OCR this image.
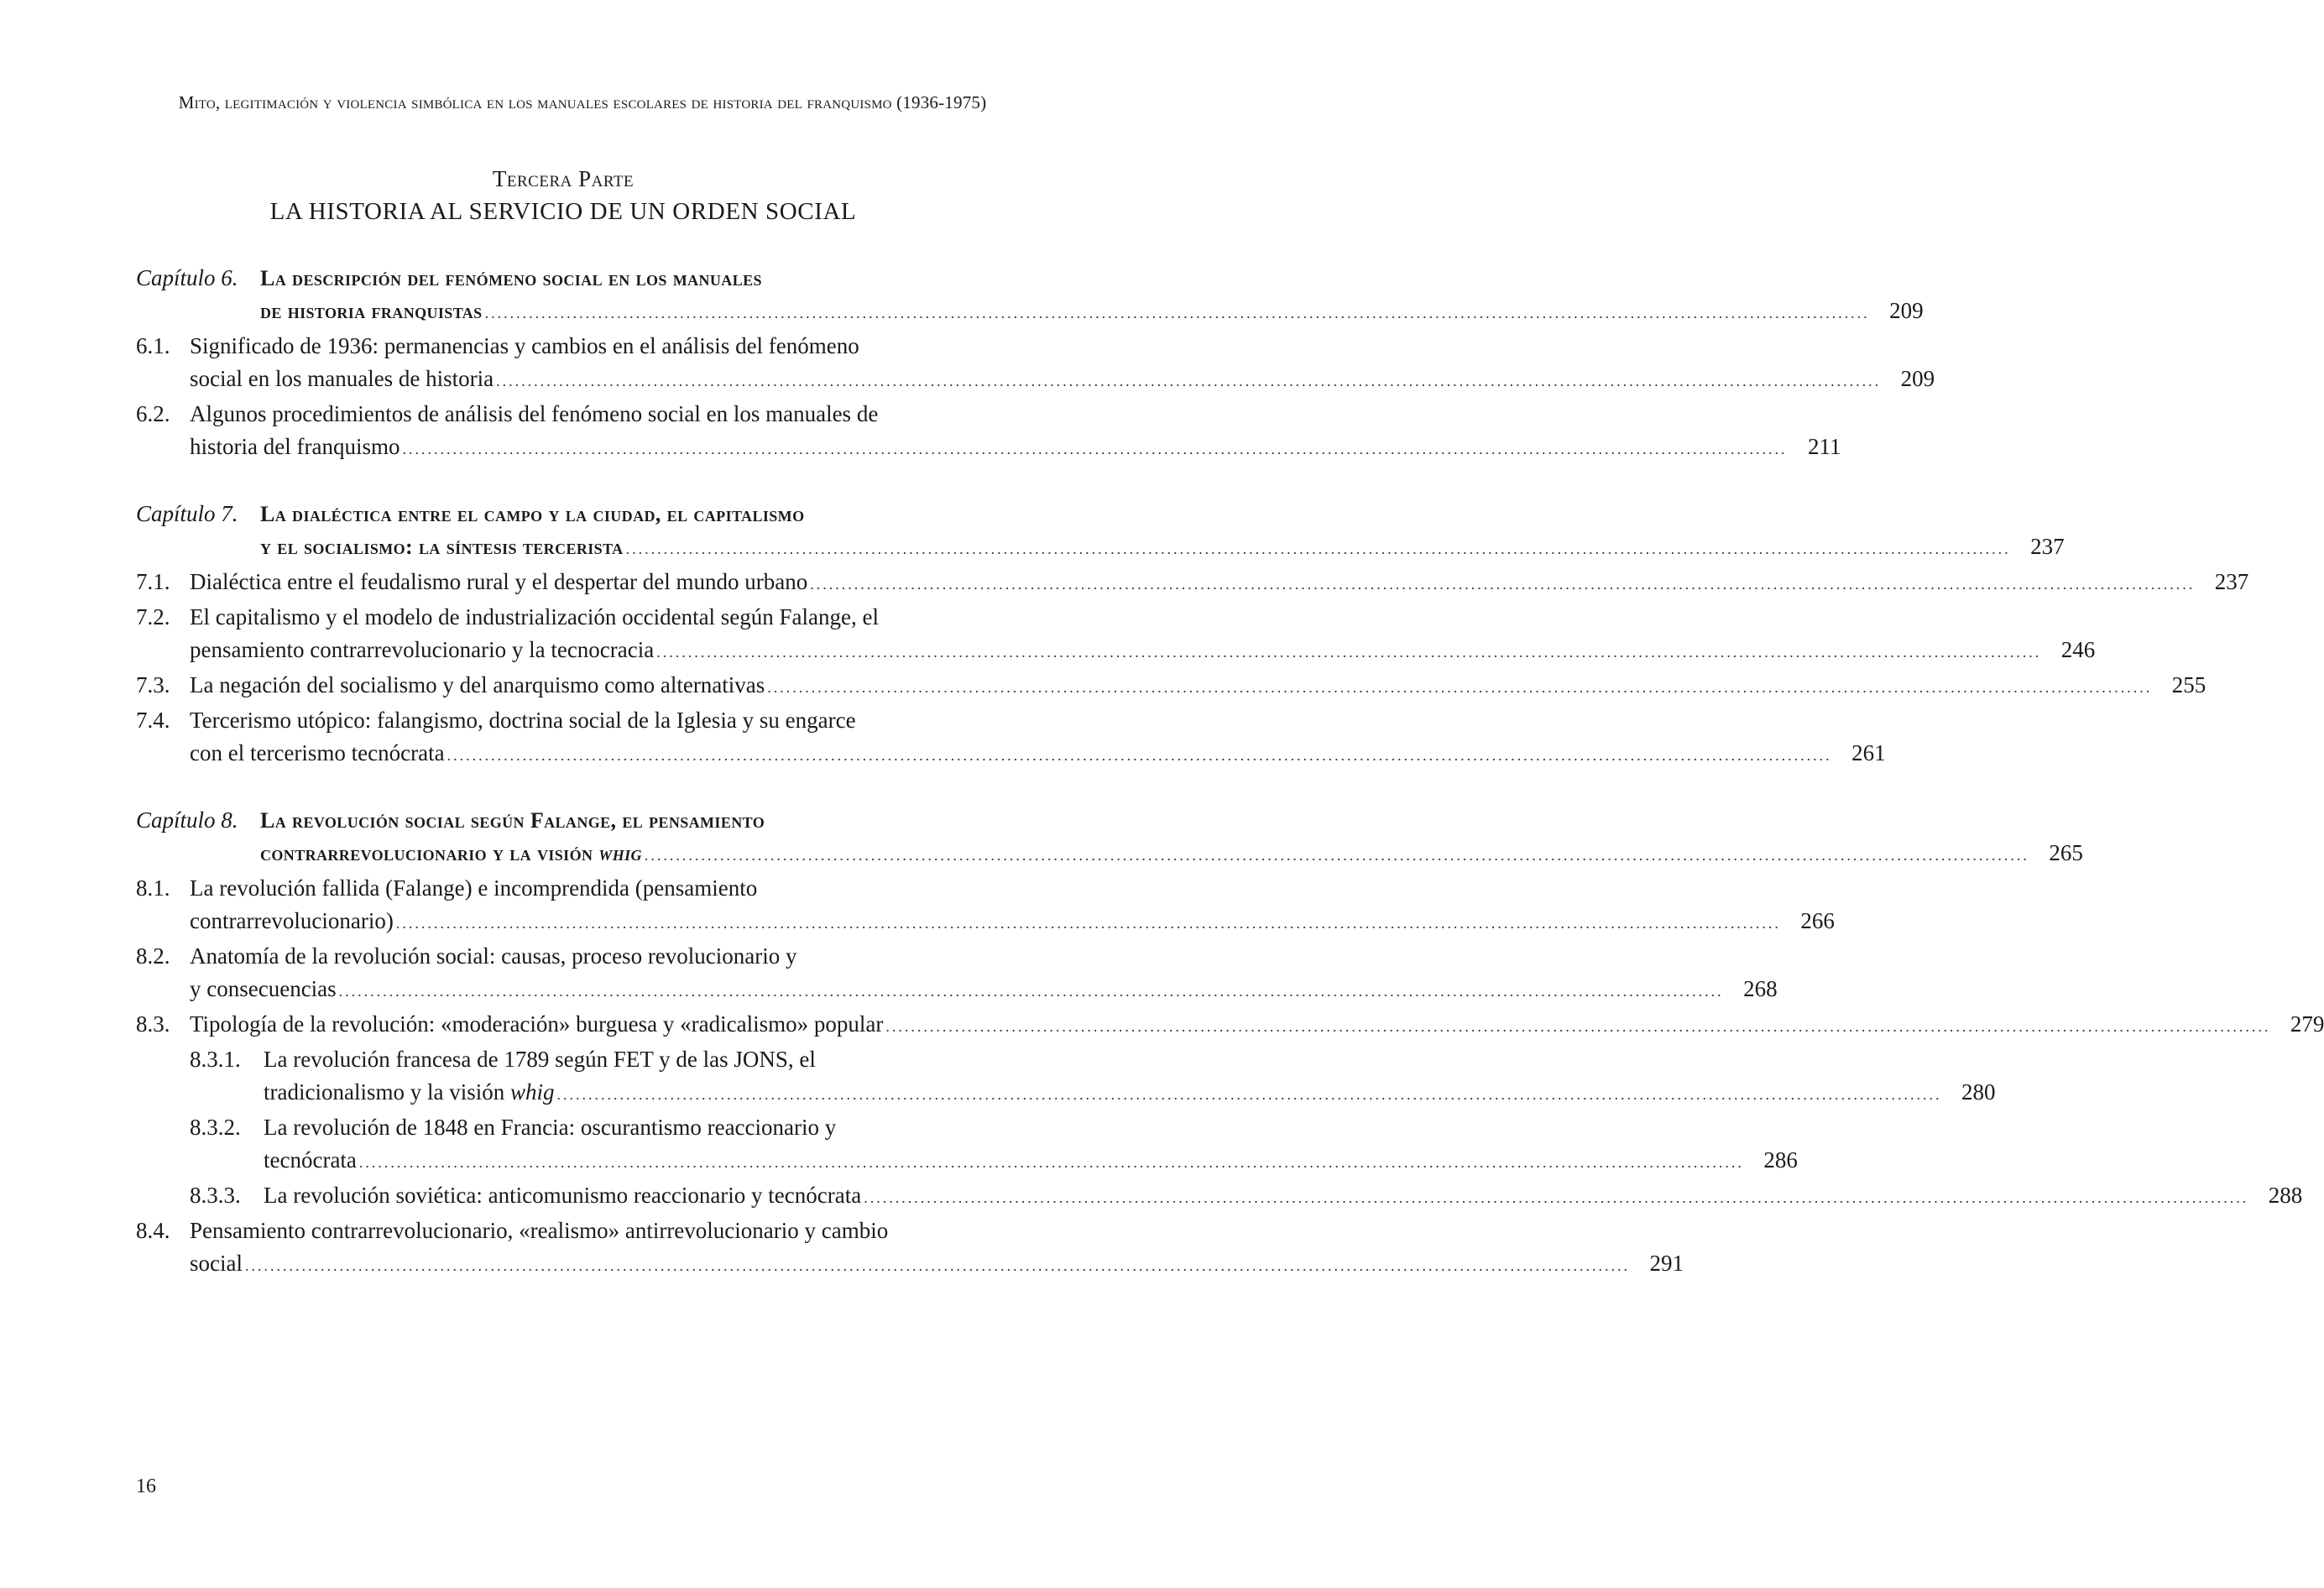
Mito, legitimación y violencia simbólica en los manuales escolares de historia del franquismo (1936-1975)
Tercera Parte
LA HISTORIA AL SERVICIO DE UN ORDEN SOCIAL
Capítulo 6.	La descripción del fenómeno social en los manuales
de historia franquistas ............................................................................................................................................................................................................................ 209
6.1. Significado de 1936: permanencias y cambios en el análisis del fenómeno
social en los manuales de historia ............................................................................................................................................................................................................................ 209
6.2. Algunos procedimientos de análisis del fenómeno social en los manuales de
historia del franquismo ............................................................................................................................................................................................................................ 211
Capítulo 7.	La dialéctica entre el campo y la ciudad, el capitalismo
y el socialismo: la síntesis tercerista ............................................................................................................................................................................................................................ 237
7.1. Dialéctica entre el feudalismo rural y el despertar del mundo urbano ............................................................................................................................................................................................................................ 237
7.2. El capitalismo y el modelo de industrialización occidental según Falange, el
pensamiento contrarrevolucionario y la tecnocracia ............................................................................................................................................................................................................................ 246
7.3. La negación del socialismo y del anarquismo como alternativas ............................................................................................................................................................................................................................ 255
7.4. Tercerismo utópico: falangismo, doctrina social de la Iglesia y su engarce
con el tercerismo tecnócrata ............................................................................................................................................................................................................................ 261
Capítulo 8.	La revolución social según Falange, el pensamiento
contrarrevolucionario y la visión whig ............................................................................................................................................................................................................................ 265
8.1. La revolución fallida (Falange) e incomprendida (pensamiento
contrarrevolucionario) ............................................................................................................................................................................................................................ 266
8.2. Anatomía de la revolución social: causas, proceso revolucionario y
y consecuencias ............................................................................................................................................................................................................................ 268
8.3. Tipología de la revolución: «moderación» burguesa y «radicalismo» popular ............................................................................................................................................................................................................................ 279
8.3.1.	La revolución francesa de 1789 según FET y de las JONS, el
tradicionalismo y la visión whig ............................................................................................................................................................................................................................ 280
8.3.2.	La revolución de 1848 en Francia: oscurantismo reaccionario y
tecnócrata ............................................................................................................................................................................................................................ 286
8.3.3.	La revolución soviética: anticomunismo reaccionario y tecnócrata ............................................................................................................................................................................................................................ 288
8.4. Pensamiento contrarrevolucionario, «realismo» antirrevolucionario y cambio
social ............................................................................................................................................................................................................................ 291
16
